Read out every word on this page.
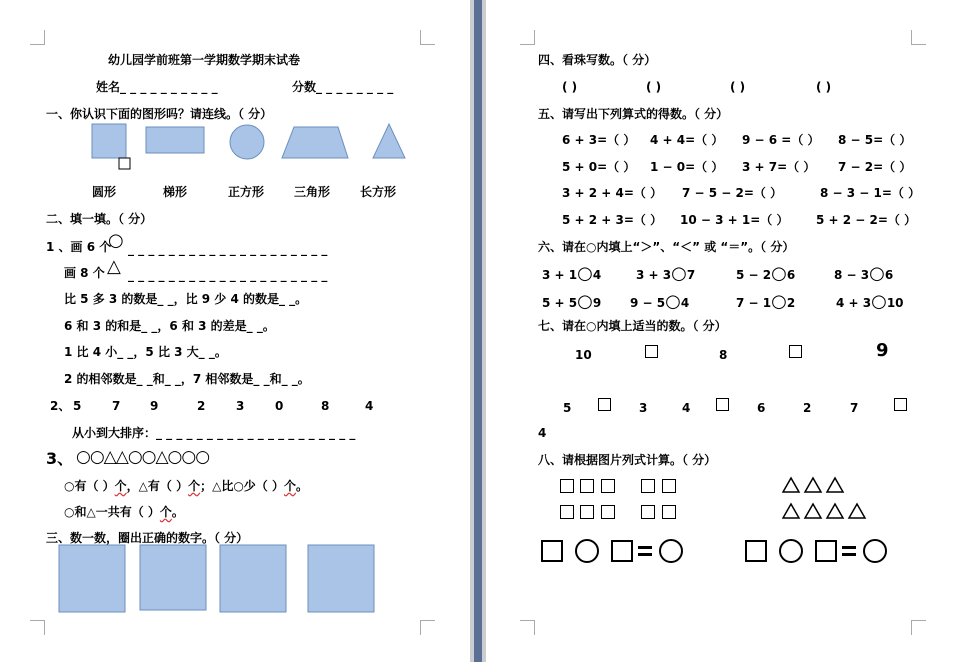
幼儿园学前班第一学期数学期末试卷
姓名_ _ _ _ _ _ _ _ _ _	分数_ _ _ _ _ _ _ _
一、你认识下面的图形吗？请连线。（ 分）
圆形	梯形	正方形 三角形 长方形
二、填一填。（ 分）
1 、画 6 个
○ _ _ _ _ _ _ _ _ _ _ _ _ _ _ _ _ _ _ _ _
画 8 个 △ _ _ _ _ _ _ _ _ _ _ _ _ _ _ _ _ _ _ _ _
比 5 多 3 的数是_ _，比 9 少 4 的数是_ _。
6 和 3 的和是_ _，6 和 3 的差是_ _。
1 比 4 小_ _，5 比 3 大_ _。
2 的相邻数是_ _和_ _，7 相邻数是_ _和_ _。
2、 5	7 9	2	3	0	8	4
从小到大排序：_ _ _ _ _ _ _ _ _ _ _ _ _ _ _ _ _ _ _ _
3、 ○○△△○○△○○○
○有（ ）个，△有（ ）个；△比○少（ ）个。
○和△一共有（ ）个。
三、数一数，圈出正确的数字。（ 分）
四、看珠写数。（ 分）
( )	( )	( )	( )
五、请写出下列算式的得数。（ 分）
6 + 3=（ ） 4 + 4=（ ） 9 − 6 =（ ） 8 − 5=（ ）
5 + 0=（ ） 1 − 0=（ ） 3 + 7=（ ） 7 − 2=（ ）
3 + 2 + 4=（ ） 7 − 5 − 2=（ ）	8 − 3 − 1=（ ）
5 + 2 + 3=（ ） 10 − 3 + 1=（ ） 5 + 2 − 2=（ ）
六、请在○内填上“＞”、“＜” 或 “＝”。（ 分）
3 + 1○4	3 + 3○7	5 − 2○6	8 − 3○6
5 + 5○9 9 − 5○4	7 − 1○2	4 + 3○10
七、请在○内填上适当的数。（ 分）
10	8	9
5	3	4	6	2	7
4
八、请根据图片列式计算。（ 分）
